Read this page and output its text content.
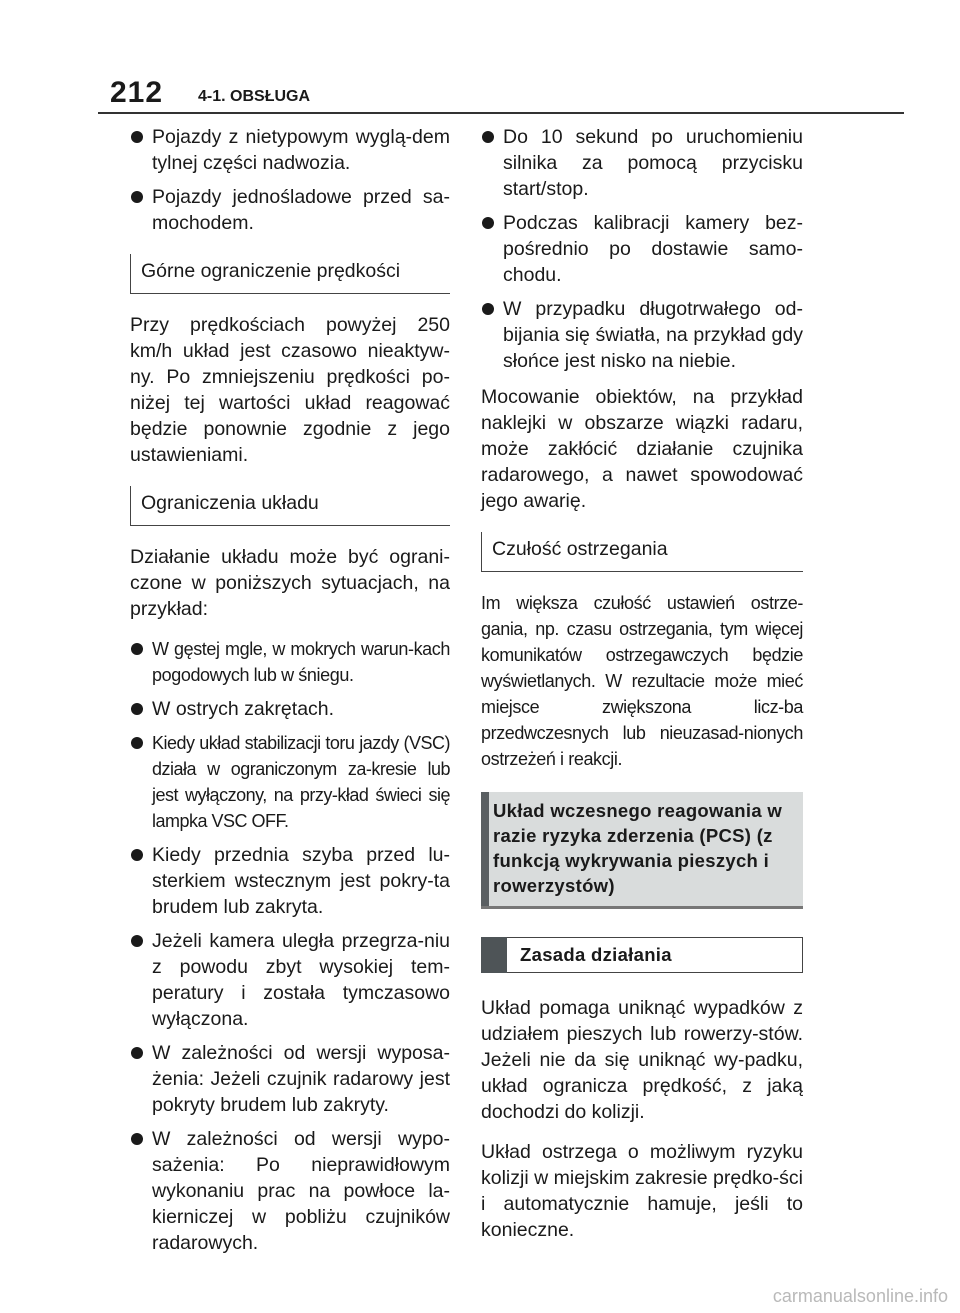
212 4-1. OBSŁUGA
Pojazdy z nietypowym wyglą-dem tylnej części nadwozia.
Pojazdy jednośladowe przed sa-mochodem.
Górne ograniczenie prędkości

Przy prędkościach powyżej 250 km/h układ jest czasowo nieaktyw-ny. Po zmniejszeniu prędkości po-niżej tej wartości układ reagować będzie ponownie zgodnie z jego ustawieniami.

Ograniczenia układu

Działanie układu może być ograni-czone w poniższych sytuacjach, na przykład:

W gęstej mgle, w mokrych warun-kach pogodowych lub w śniegu.
W ostrych zakrętach.
Kiedy układ stabilizacji toru jazdy (VSC) działa w ograniczonym za-kresie lub jest wyłączony, na przy-kład świeci się lampka VSC OFF.
Kiedy przednia szyba przed lu-sterkiem wstecznym jest pokry-ta brudem lub zakryta.
Jeżeli kamera uległa przegrza-niu z powodu zbyt wysokiej tem-peratury i została tymczasowo wyłączona.
W zależności od wersji wyposa-żenia: Jeżeli czujnik radarowy jest pokryty brudem lub zakryty.
W zależności od wersji wypo-sażenia: Po nieprawidłowym wykonaniu prac na powłoce la-kierniczej w pobliżu czujników radarowych.
Do 10 sekund po uruchomieniu silnika za pomocą przycisku start/stop.
Podczas kalibracji kamery bez-pośrednio po dostawie samo-chodu.
W przypadku długotrwałego od-bijania się światła, na przykład gdy słońce jest nisko na niebie.

Mocowanie obiektów, na przykład naklejki w obszarze wiązki radaru, może zakłócić działanie czujnika radarowego, a nawet spowodować jego awarię.

Czułość ostrzegania

Im większa czułość ustawień ostrze-gania, np. czasu ostrzegania, tym więcej komunikatów ostrzegawczych będzie wyświetlanych. W rezultacie może mieć miejsce zwiększona licz-ba przedwczesnych lub nieuzasad-nionych ostrzeżeń i reakcji.

Układ wczesnego reagowania w razie ryzyka zderzenia (PCS) (z funkcją wykrywania pieszych i rowerzystów)
Zasada działania

Układ pomaga uniknąć wypadków z udziałem pieszych lub rowerzy-stów. Jeżeli nie da się uniknąć wy-padku, układ ogranicza prędkość, z jaką dochodzi do kolizji.

Układ ostrzega o możliwym ryzyku kolizji w miejskim zakresie prędko-ści i automatycznie hamuje, jeśli to konieczne.

carmanualsonline.info
